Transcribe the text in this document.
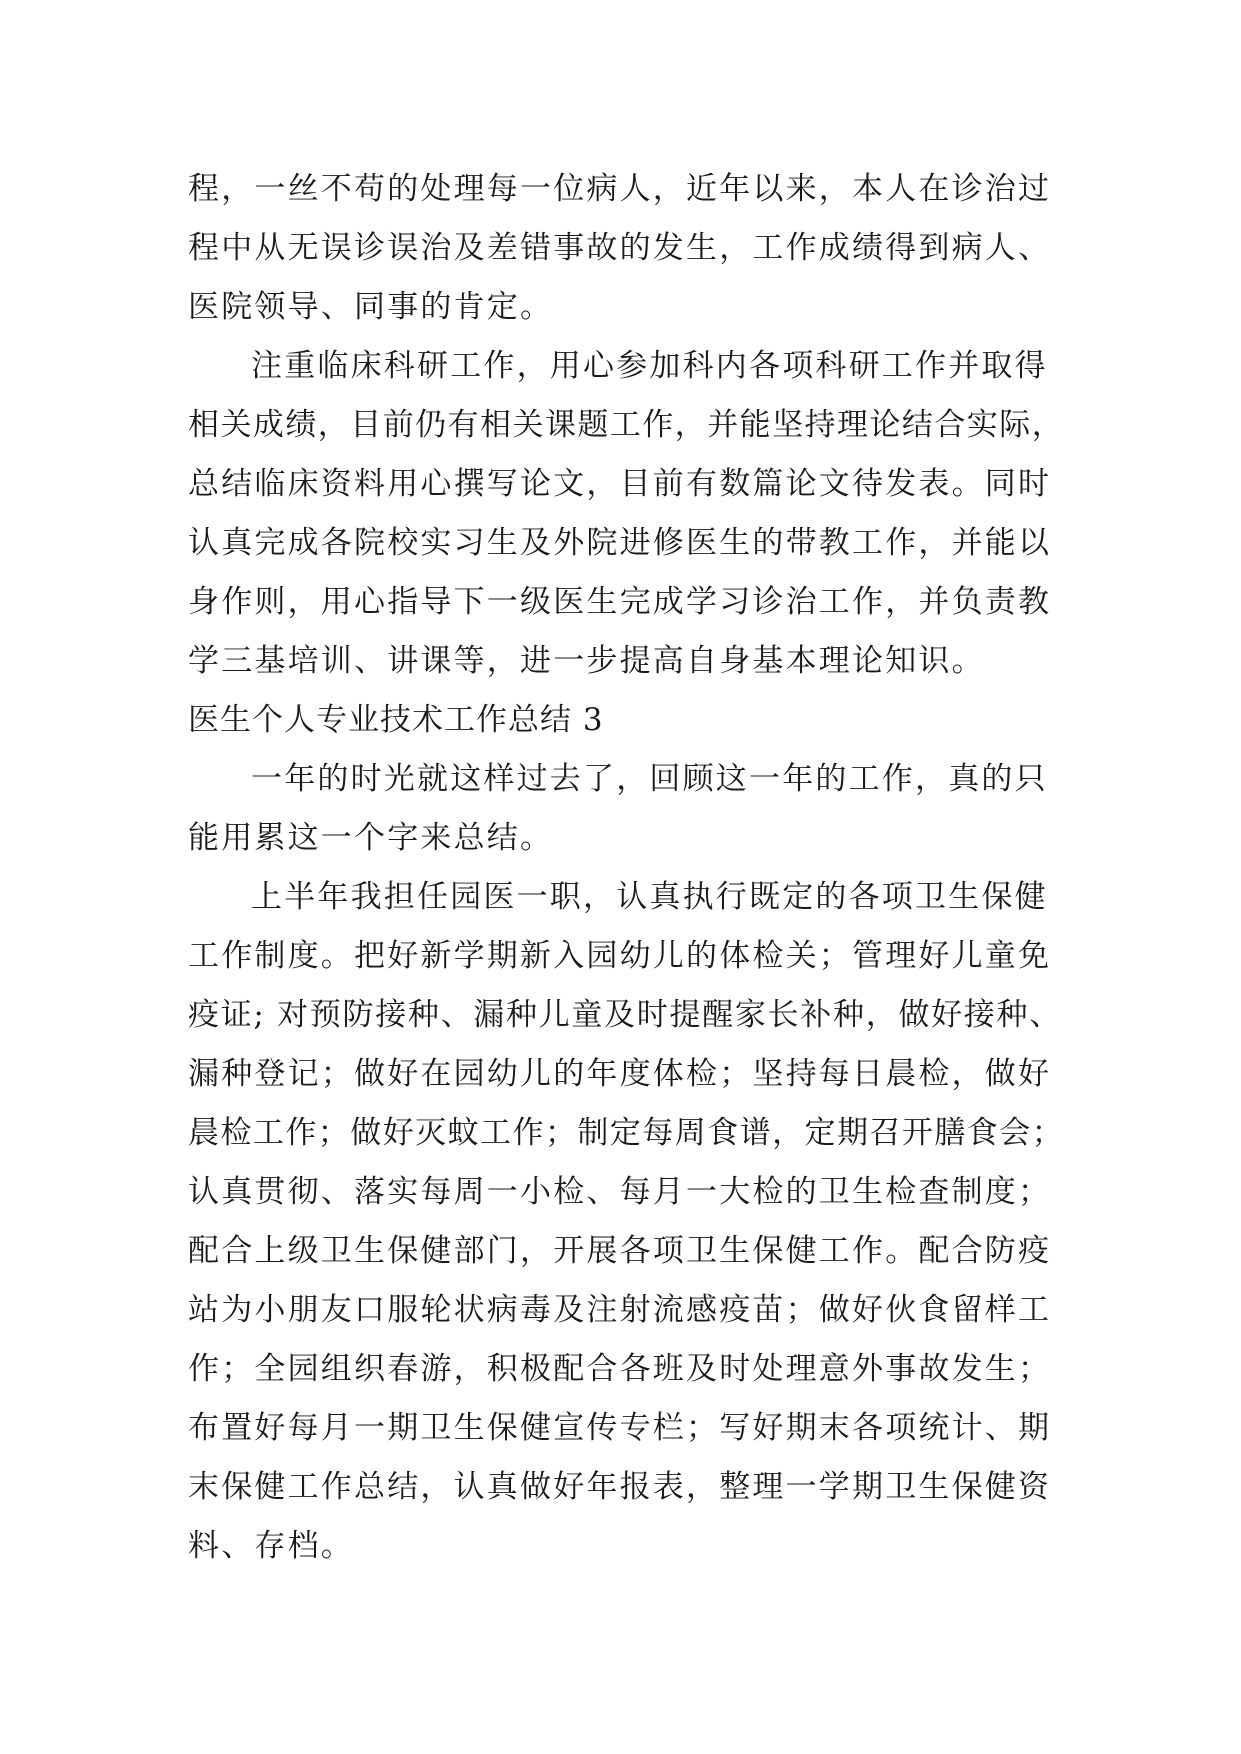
程，一丝不苟的处理每一位病人，近年以来，本人在诊治过
程中从无误诊误治及差错事故的发生，工作成绩得到病人、
医院领导、同事的肯定。
注重临床科研工作，用心参加科内各项科研工作并取得
相关成绩，目前仍有相关课题工作，并能坚持理论结合实际，
总结临床资料用心撰写论文，目前有数篇论文待发表。同时
认真完成各院校实习生及外院进修医生的带教工作，并能以
身作则，用心指导下一级医生完成学习诊治工作，并负责教
学三基培训、讲课等，进一步提高自身基本理论知识。
医生个人专业技术工作总结 3
一年的时光就这样过去了，回顾这一年的工作，真的只
能用累这一个字来总结。
上半年我担任园医一职，认真执行既定的各项卫生保健
工作制度。把好新学期新入园幼儿的体检关；管理好儿童免
疫证; 对预防接种、漏种儿童及时提醒家长补种，做好接种、
漏种登记；做好在园幼儿的年度体检；坚持每日晨检，做好
晨检工作；做好灭蚊工作；制定每周食谱，定期召开膳食会；
认真贯彻、落实每周一小检、每月一大检的卫生检查制度；
配合上级卫生保健部门，开展各项卫生保健工作。配合防疫
站为小朋友口服轮状病毒及注射流感疫苗；做好伙食留样工
作；全园组织春游，积极配合各班及时处理意外事故发生；
布置好每月一期卫生保健宣传专栏；写好期末各项统计、期
末保健工作总结，认真做好年报表，整理一学期卫生保健资
料、存档。
